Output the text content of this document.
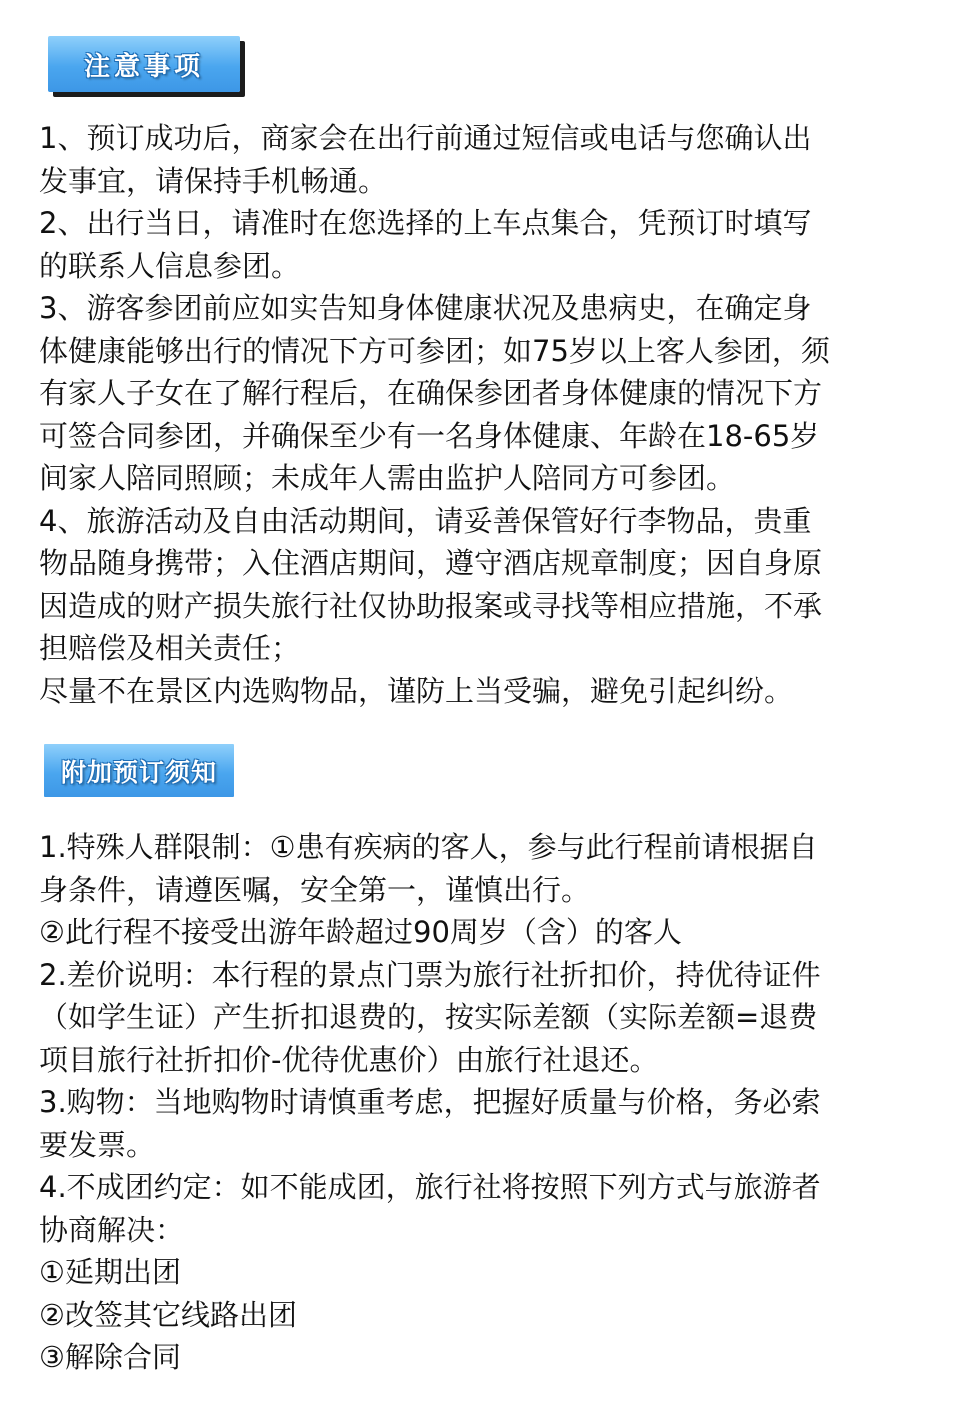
注意事项

1、预订成功后，商家会在出行前通过短信或电话与您确认出

发事宜，请保持手机畅通。

2、出行当日，请准时在您选择的上车点集合，凭预订时填写

的联系人信息参团。

3、游客参团前应如实告知身体健康状况及患病史，在确定身

体健康能够出行的情况下方可参团；如75岁以上客人参团，须

有家人子女在了解行程后，在确保参团者身体健康的情况下方

可签合同参团，并确保至少有一名身体健康、年龄在18-65岁

间家人陪同照顾；未成年人需由监护人陪同方可参团。

4、旅游活动及自由活动期间，请妥善保管好行李物品，贵重

物品随身携带；入住酒店期间，遵守酒店规章制度；因自身原

因造成的财产损失旅行社仅协助报案或寻找等相应措施，不承

担赔偿及相关责任；

尽量不在景区内选购物品，谨防上当受骗，避免引起纠纷。

附加预订须知

1.特殊人群限制：①患有疾病的客人，参与此行程前请根据自

身条件，请遵医嘱，安全第一，谨慎出行。

②此行程不接受出游年龄超过90周岁（含）的客人

2.差价说明：本行程的景点门票为旅行社折扣价，持优待证件

（如学生证）产生折扣退费的，按实际差额（实际差额=退费

项目旅行社折扣价-优待优惠价）由旅行社退还。

3.购物：当地购物时请慎重考虑，把握好质量与价格，务必索

要发票。

4.不成团约定：如不能成团，旅行社将按照下列方式与旅游者

协商解决：

①延期出团

②改签其它线路出团

③解除合同
